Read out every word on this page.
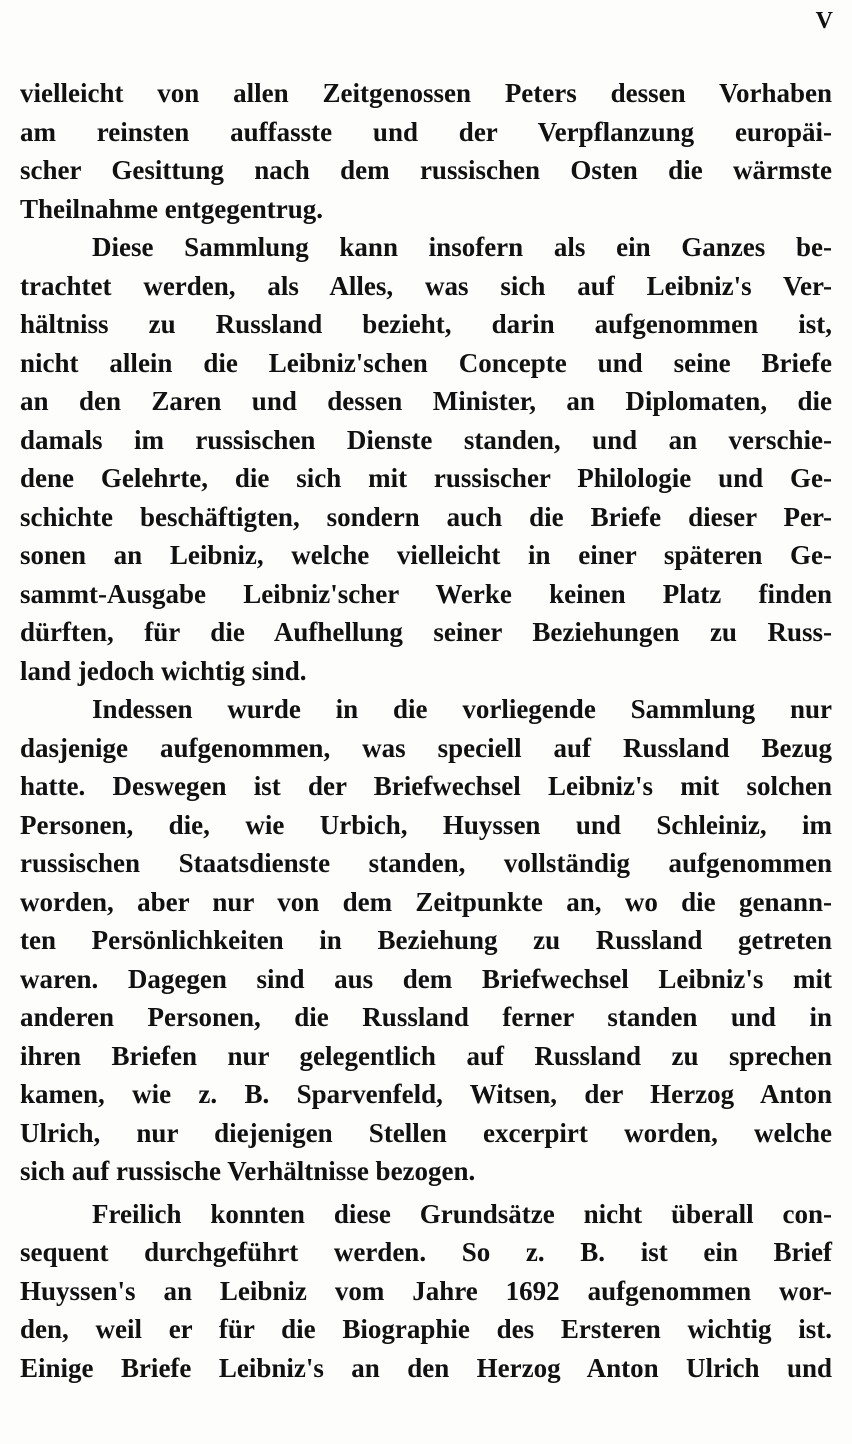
V
vielleicht von allen Zeitgenossen Peters dessen Vorhaben
am reinsten auffasste und der Verpflanzung europäi-
scher Gesittung nach dem russischen Osten die wärmste
Theilnahme entgegentrug.
Diese Sammlung kann insofern als ein Ganzes be-
trachtet werden, als Alles, was sich auf Leibniz's Ver-
hältniss zu Russland bezieht, darin aufgenommen ist,
nicht allein die Leibniz'schen Concepte und seine Briefe
an den Zaren und dessen Minister, an Diplomaten, die
damals im russischen Dienste standen, und an verschie-
dene Gelehrte, die sich mit russischer Philologie und Ge-
schichte beschäftigten, sondern auch die Briefe dieser Per-
sonen an Leibniz, welche vielleicht in einer späteren Ge-
sammt-Ausgabe Leibniz'scher Werke keinen Platz finden
dürften, für die Aufhellung seiner Beziehungen zu Russ-
land jedoch wichtig sind.
Indessen wurde in die vorliegende Sammlung nur
dasjenige aufgenommen, was speciell auf Russland Bezug
hatte. Deswegen ist der Briefwechsel Leibniz's mit solchen
Personen, die, wie Urbich, Huyssen und Schleiniz, im
russischen Staatsdienste standen, vollständig aufgenommen
worden, aber nur von dem Zeitpunkte an, wo die genann-
ten Persönlichkeiten in Beziehung zu Russland getreten
waren. Dagegen sind aus dem Briefwechsel Leibniz's mit
anderen Personen, die Russland ferner standen und in
ihren Briefen nur gelegentlich auf Russland zu sprechen
kamen, wie z. B. Sparvenfeld, Witsen, der Herzog Anton
Ulrich, nur diejenigen Stellen excerpirt worden, welche
sich auf russische Verhältnisse bezogen.
Freilich konnten diese Grundsätze nicht überall con-
sequent durchgeführt werden. So z. B. ist ein Brief
Huyssen's an Leibniz vom Jahre 1692 aufgenommen wor-
den, weil er für die Biographie des Ersteren wichtig ist.
Einige Briefe Leibniz's an den Herzog Anton Ulrich und
